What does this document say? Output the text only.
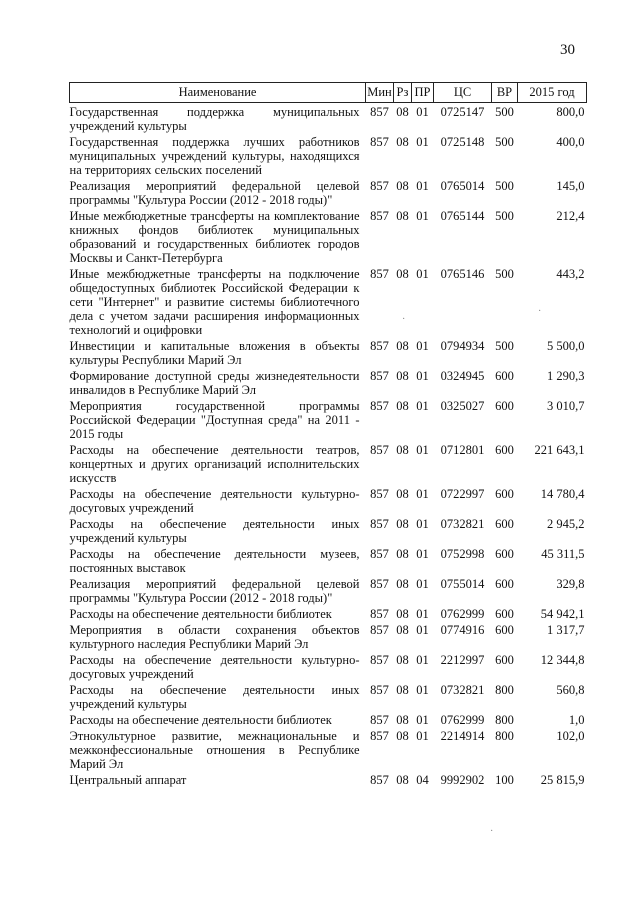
30
Наименование	Мин	Рз	ПР	ЦС	ВР	2015 год
Государственная поддержка муниципальных учреждений культуры	857	08	01	0725147	500	800,0
Государственная поддержка лучших работников муниципальных учреждений культуры, находящихся на территориях сельских поселений	857	08	01	0725148	500	400,0
Реализация мероприятий федеральной целевой программы "Культура России (2012 - 2018 годы)"	857	08	01	0765014	500	145,0
Иные межбюджетные трансферты на комплектование книжных фондов библиотек муниципальных образований и государственных библиотек городов Москвы и Санкт-Петербурга	857	08	01	0765144	500	212,4
Иные межбюджетные трансферты на подключение общедоступных библиотек Российской Федерации к сети "Интернет" и развитие системы библиотечного дела с учетом задачи расширения информационных технологий и оцифровки	857	08	01	0765146	500	443,2
Инвестиции и капитальные вложения в объекты культуры Республики Марий Эл	857	08	01	0794934	500	5 500,0
Формирование доступной среды жизнедеятельности инвалидов в Республике Марий Эл	857	08	01	0324945	600	1 290,3
Мероприятия государственной программы Российской Федерации "Доступная среда" на 2011 - 2015 годы	857	08	01	0325027	600	3 010,7
Расходы на обеспечение деятельности театров, концертных и других организаций исполнительских искусств	857	08	01	0712801	600	221 643,1
Расходы на обеспечение деятельности культурно-досуговых учреждений	857	08	01	0722997	600	14 780,4
Расходы на обеспечение деятельности иных учреждений культуры	857	08	01	0732821	600	2 945,2
Расходы на обеспечение деятельности музеев, постоянных выставок	857	08	01	0752998	600	45 311,5
Реализация мероприятий федеральной целевой программы "Культура России (2012 - 2018 годы)"	857	08	01	0755014	600	329,8
Расходы на обеспечение деятельности библиотек	857	08	01	0762999	600	54 942,1
Мероприятия в области сохранения объектов культурного наследия Республики Марий Эл	857	08	01	0774916	600	1 317,7
Расходы на обеспечение деятельности культурно-досуговых учреждений	857	08	01	2212997	600	12 344,8
Расходы на обеспечение деятельности иных учреждений культуры	857	08	01	0732821	800	560,8
Расходы на обеспечение деятельности библиотек	857	08	01	0762999	800	1,0
Этнокультурное развитие, межнациональные и межконфессиональные отношения в Республике Марий Эл	857	08	01	2214914	800	102,0
Центральный аппарат	857	08	04	9992902	100	25 815,9
·
·
·
